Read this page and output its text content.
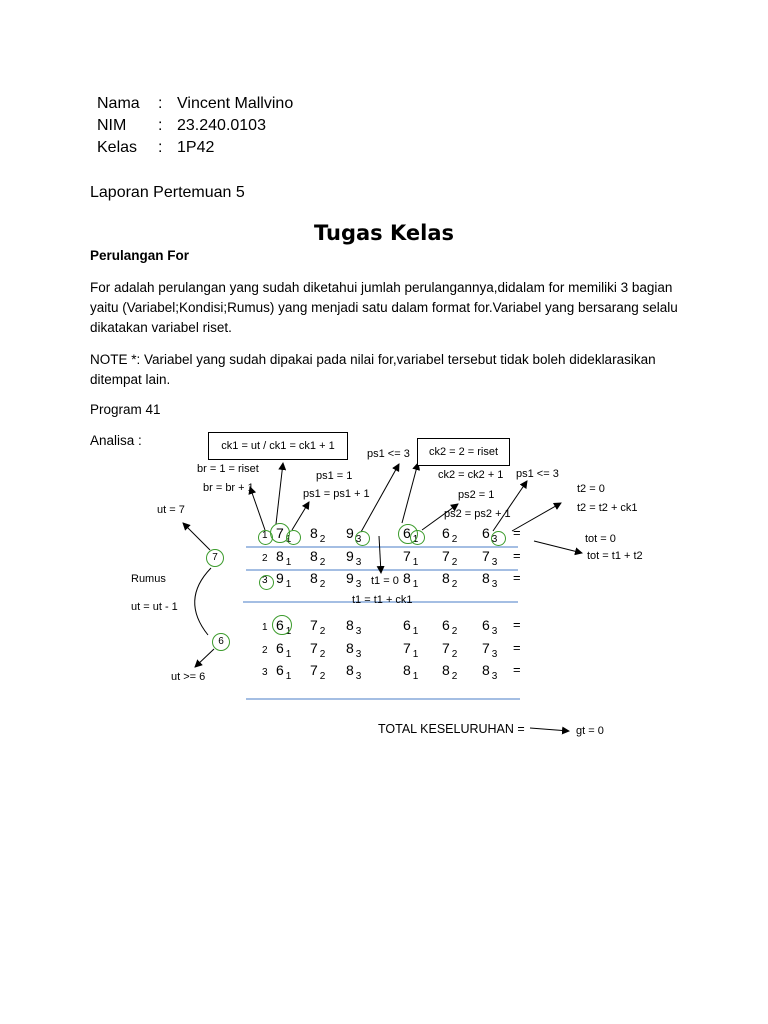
Nama : Vincent Mallvino
NIM : 23.240.0103
Kelas : 1P42
Laporan Pertemuan 5
Tugas Kelas
Perulangan For
For adalah perulangan yang sudah diketahui jumlah perulangannya,didalam for memiliki 3 bagian yaitu (Variabel;Kondisi;Rumus) yang menjadi satu dalam format for.Variabel yang bersarang selalu dikatakan variabel riset.
NOTE *: Variabel yang sudah dipakai pada nilai for,variabel tersebut tidak boleh dideklarasikan ditempat lain.
Program 41
Analisa :	ck1 = ut / ck1 = ck1 + 1	ck2 = 2 = riset
br = 1 = riset
br = br + 1
ut = 7
ps1 = 1
ps1 = ps1 + 1
ps1 <= 3
ck2 = ck2 + 1
ps2 = 1
ps2 = ps2 + 1
ps1 <= 3
t2 = 0
t2 = t2 + ck1
tot = 0
tot = t1 + t2
Rumus
ut = ut - 1
ut >= 6
t1 = 0
t1 = t1 + ck1
7
6
1 7 $_1$ 8 $_2$ 9 $_3$	6 $_1$ 6 $_2$ 6 $_3$ =
2 8 $_1$ 8 $_2$ 9 $_3$	7 $_1$ 7 $_2$ 7 $_3$ =
3 9 $_1$ 8 $_2$ 9 $_3$	8 $_1$ 8 $_2$ 8 $_3$ =
1 6 $_1$ 7 $_2$ 8 $_3$	6 $_1$ 6 $_2$ 6 $_3$ =
2 6 $_1$ 7 $_2$ 8 $_3$	7 $_1$ 7 $_2$ 7 $_3$ =
3 6 $_1$ 7 $_2$ 8 $_3$	8 $_1$ 8 $_2$ 8 $_3$ =
TOTAL KESELURUHAN =	gt = 0
